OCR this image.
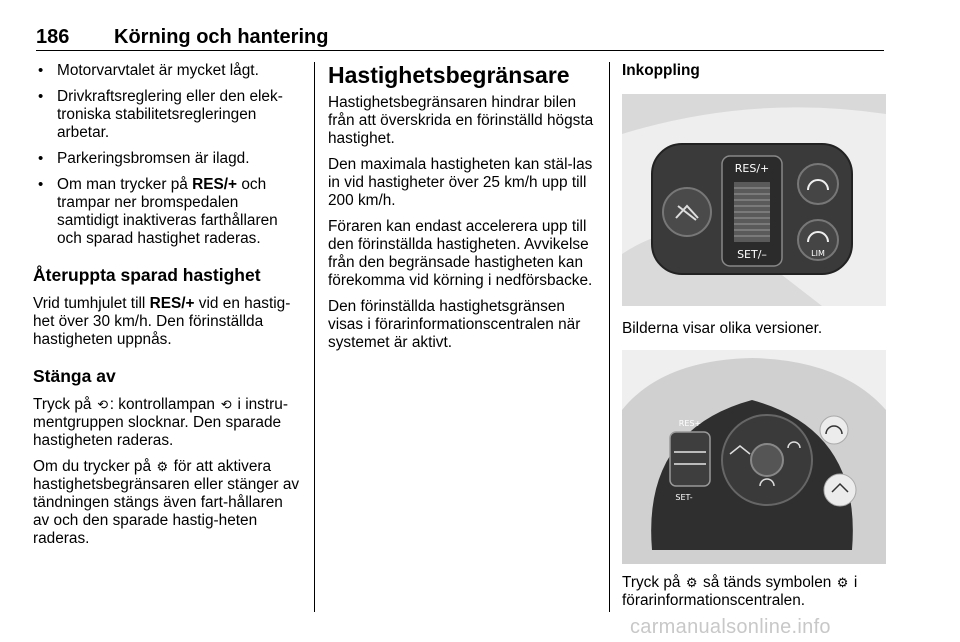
186 Körning och hantering
• Motorvarvtalet är mycket lågt.
• Drivkraftsreglering eller den elek-troniska stabilitetsregleringen arbetar.
• Parkeringsbromsen är ilagd.
• Om man trycker på RES/+ och trampar ner bromspedalen samtidigt inaktiveras farthållaren och sparad hastighet raderas.
Återuppta sparad hastighet

Vrid tumhjulet till RES/+ vid en hastig-het över 30 km/h. Den förinställda hastigheten uppnås.

Stänga av

Tryck på ⟲ : kontrollampan ⟲ i instru-mentgruppen slocknar. Den sparade hastigheten raderas.

Om du trycker på ⚙ för att aktivera hastighetsbegränsaren eller stänger av tändningen stängs även fart-hållaren av och den sparade hastig-heten raderas.

Hastighetsbegränsare

Hastighetsbegränsaren hindrar bilen från att överskrida en förinställd högsta hastighet.

Den maximala hastigheten kan stäl-las in vid hastigheter över 25 km/h upp till 200 km/h.

Föraren kan endast accelerera upp till den förinställda hastigheten. Avvikelse från den begränsade hastigheten kan förekomma vid körning i nedförsbacke.

Den förinställda hastighetsgränsen visas i förarinformationscentralen när systemet är aktivt.

Inkoppling
RES/+
SET/–	LIM

Bilderna visar olika versioner.

RES+
SET-

Tryck på ⚙ så tänds symbolen ⚙ i förarinformationscentralen.

carmanualsonline.info
